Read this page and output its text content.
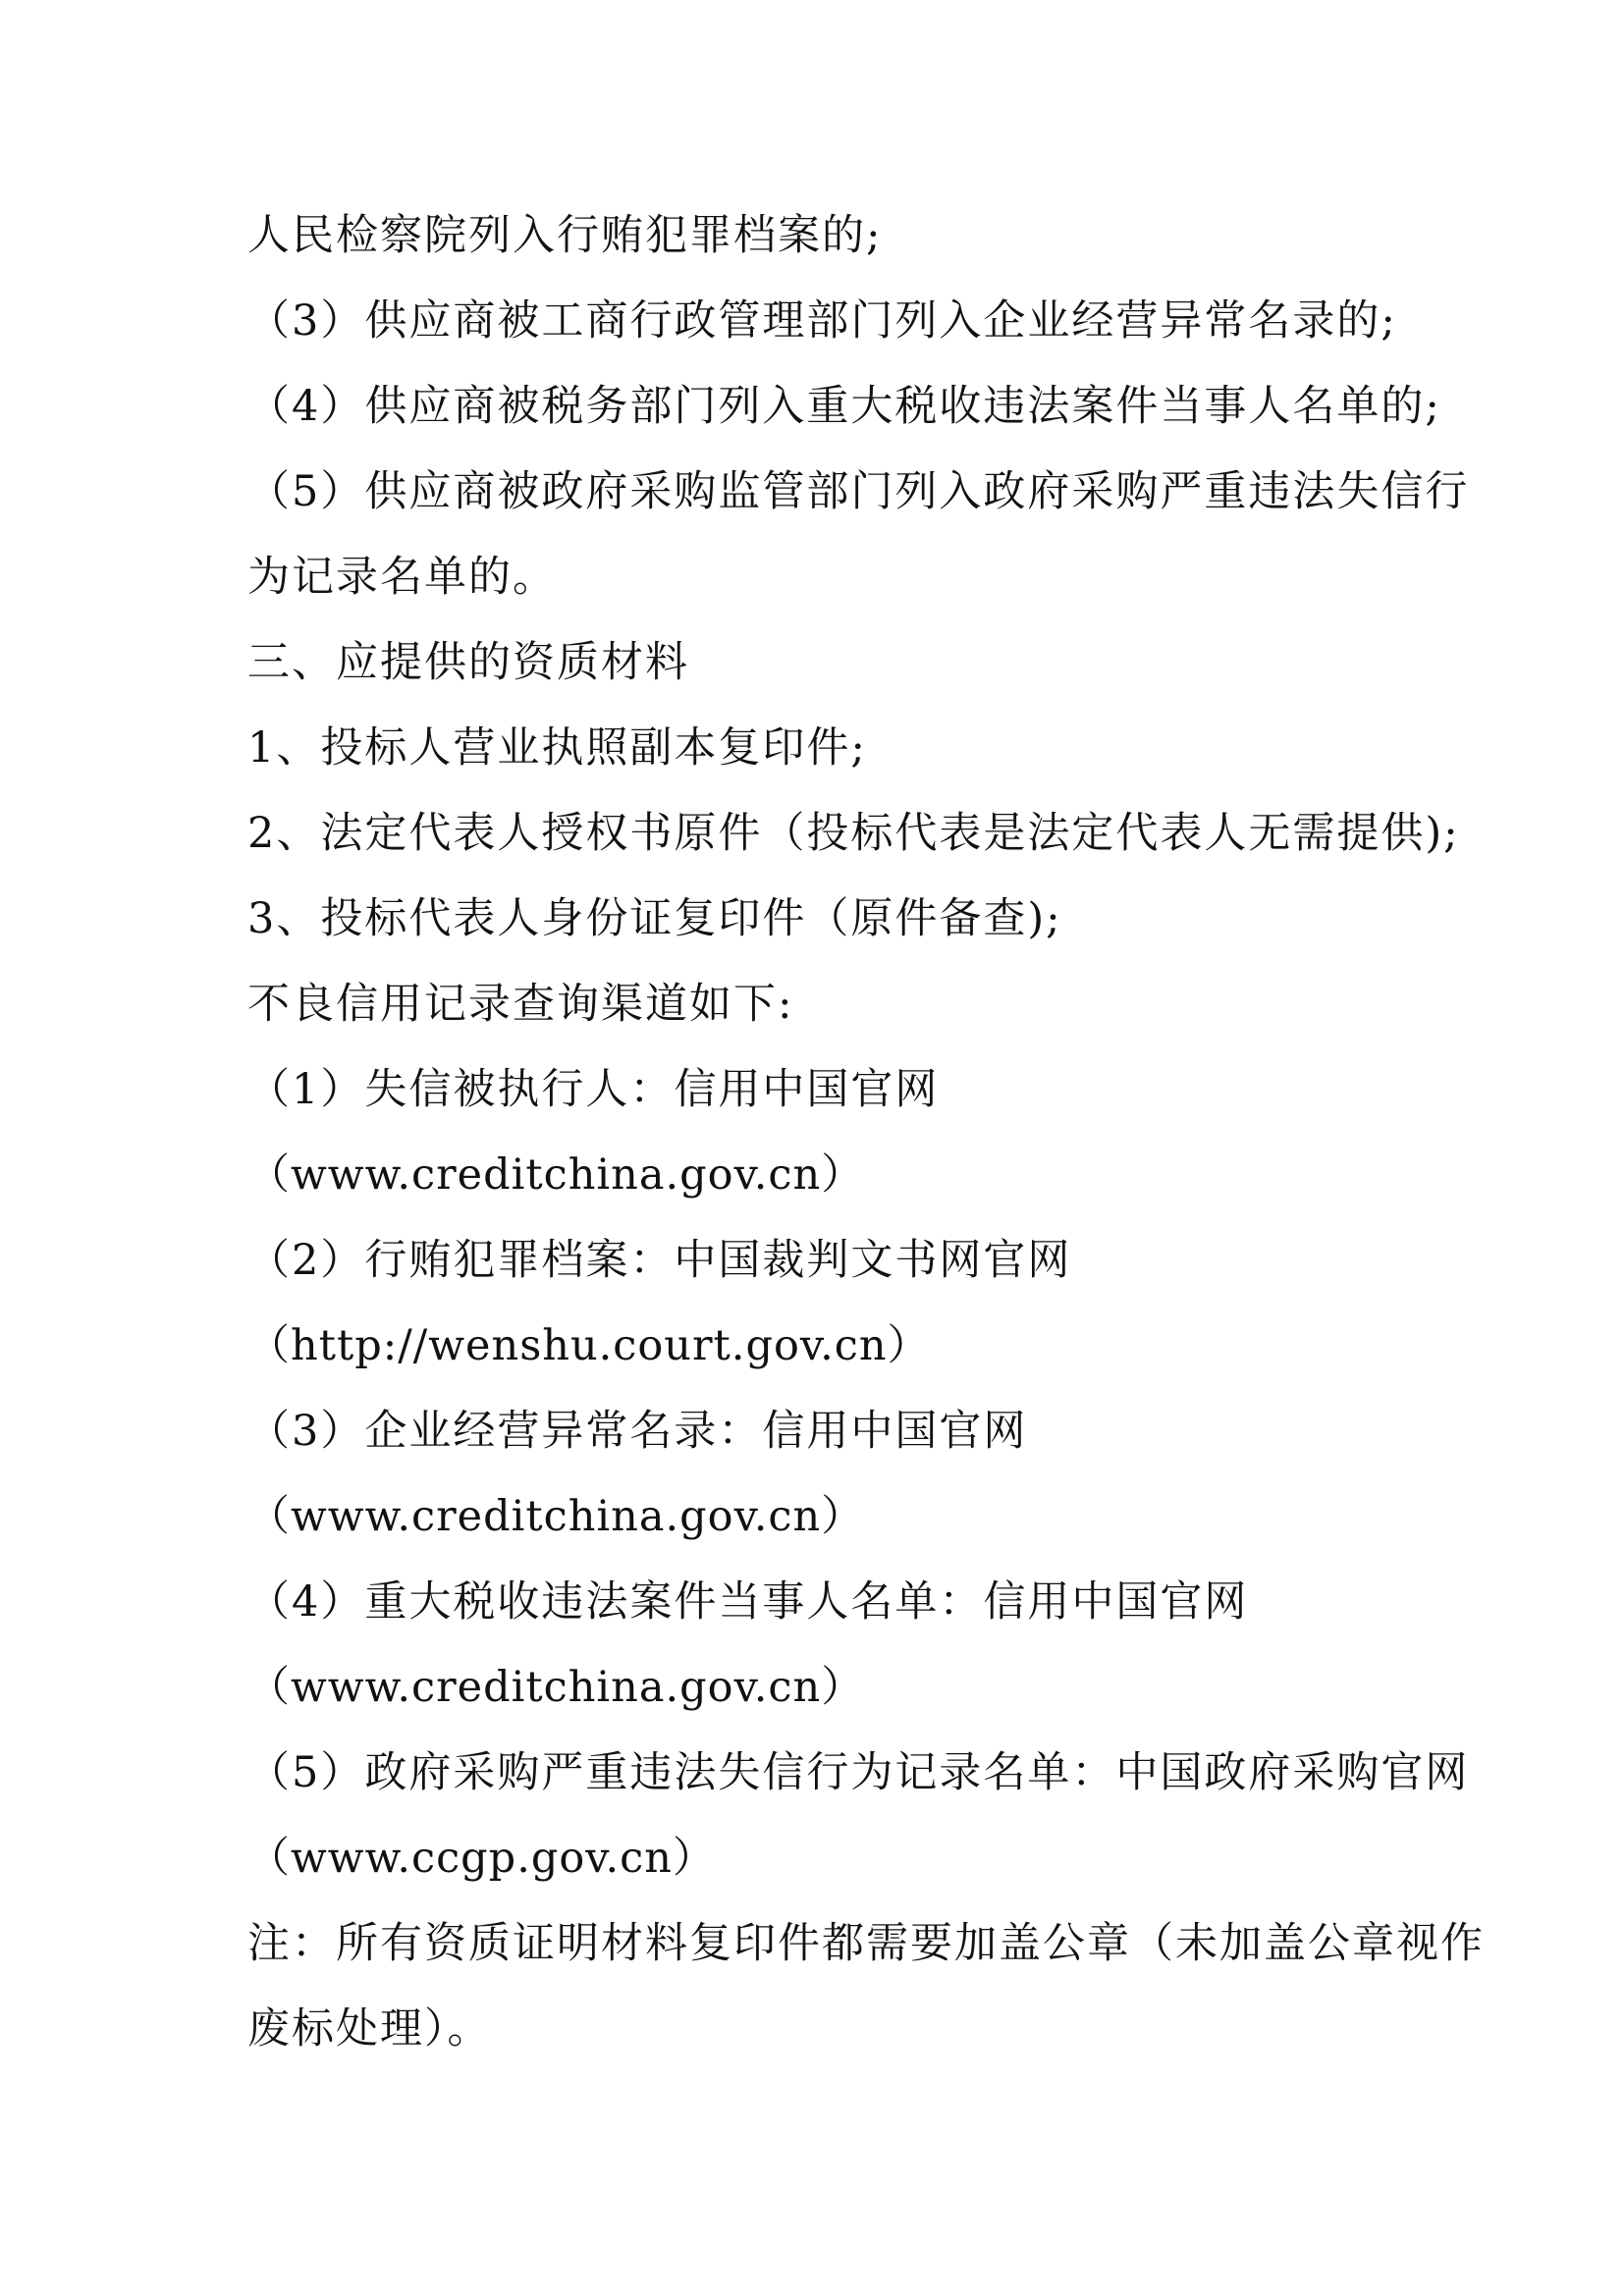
人民检察院列入行贿犯罪档案的;
（3）供应商被工商行政管理部门列入企业经营异常名录的;
（4）供应商被税务部门列入重大税收违法案件当事人名单的;
（5）供应商被政府采购监管部门列入政府采购严重违法失信行
为记录名单的。
三、应提供的资质材料
1、投标人营业执照副本复印件;
2、法定代表人授权书原件（投标代表是法定代表人无需提供);
3、投标代表人身份证复印件（原件备查);
不良信用记录查询渠道如下:
（1）失信被执行人：信用中国官网
（www.creditchina.gov.cn）
（2）行贿犯罪档案：中国裁判文书网官网
（http://wenshu.court.gov.cn）
（3）企业经营异常名录：信用中国官网
（www.creditchina.gov.cn）
（4）重大税收违法案件当事人名单：信用中国官网
（www.creditchina.gov.cn）
（5）政府采购严重违法失信行为记录名单：中国政府采购官网
（www.ccgp.gov.cn）
注：所有资质证明材料复印件都需要加盖公章（未加盖公章视作
废标处理）。
